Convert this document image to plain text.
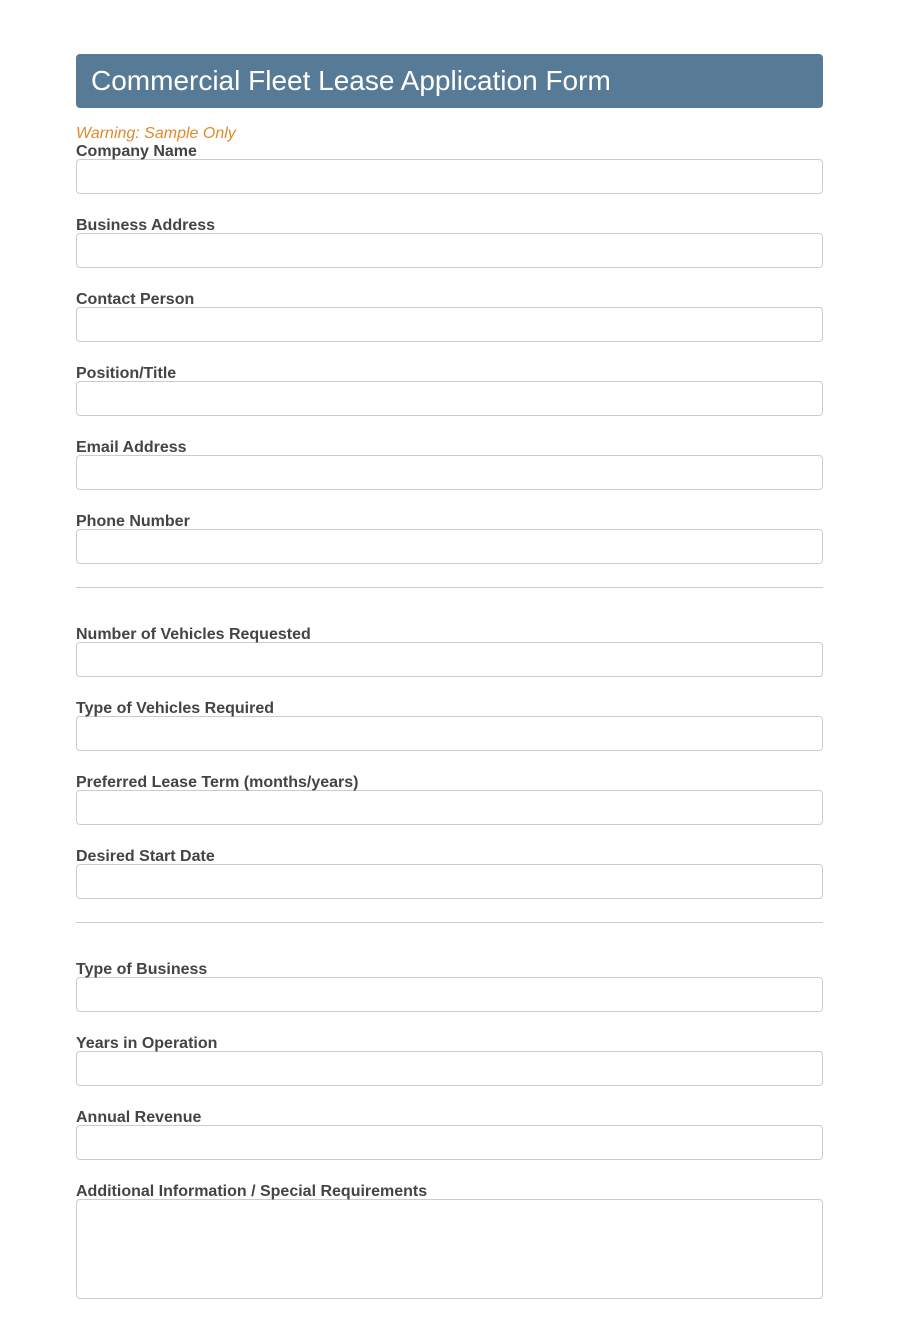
Commercial Fleet Lease Application Form
Warning: Sample Only
Company Name
Business Address
Contact Person
Position/Title
Email Address
Phone Number
Number of Vehicles Requested
Type of Vehicles Required
Preferred Lease Term (months/years)
Desired Start Date
Type of Business
Years in Operation
Annual Revenue
Additional Information / Special Requirements
